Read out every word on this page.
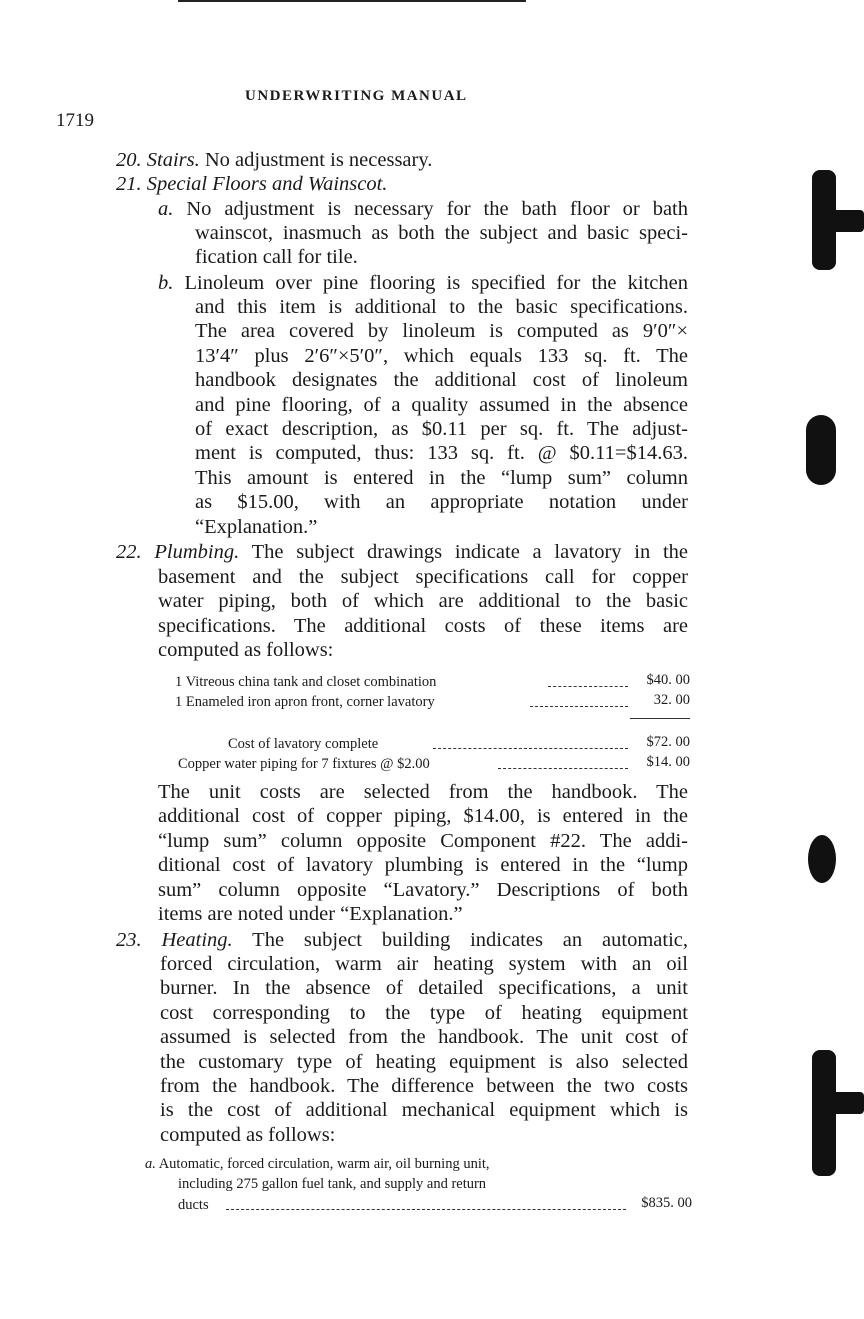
UNDERWRITING MANUAL
1719
20. Stairs. No adjustment is necessary.
21. Special Floors and Wainscot.
a. No adjustment is necessary for the bath floor or bath
wainscot, inasmuch as both the subject and basic speci-
fication call for tile.
b. Linoleum over pine flooring is specified for the kitchen
and this item is additional to the basic specifications.
The area covered by linoleum is computed as 9′0″×
13′4″ plus 2′6″×5′0″, which equals 133 sq. ft. The
handbook designates the additional cost of linoleum
and pine flooring, of a quality assumed in the absence
of exact description, as $0.11 per sq. ft. The adjust-
ment is computed, thus: 133 sq. ft. @ $0.11=$14.63.
This amount is entered in the “lump sum” column
as $15.00, with an appropriate notation under
“Explanation.”
22. Plumbing. The subject drawings indicate a lavatory in the
basement and the subject specifications call for copper
water piping, both of which are additional to the basic
specifications. The additional costs of these items are
computed as follows:
1 Vitreous china tank and closet combination	$40. 00
1 Enameled iron apron front, corner lavatory	32. 00
Cost of lavatory complete	$72. 00
Copper water piping for 7 fixtures @ $2.00	$14. 00
The unit costs are selected from the handbook. The
additional cost of copper piping, $14.00, is entered in the
“lump sum” column opposite Component #22. The addi-
ditional cost of lavatory plumbing is entered in the “lump
sum” column opposite “Lavatory.” Descriptions of both
items are noted under “Explanation.”
23. Heating. The subject building indicates an automatic,
forced circulation, warm air heating system with an oil
burner. In the absence of detailed specifications, a unit
cost corresponding to the type of heating equipment
assumed is selected from the handbook. The unit cost of
the customary type of heating equipment is also selected
from the handbook. The difference between the two costs
is the cost of additional mechanical equipment which is
computed as follows:
a. Automatic, forced circulation, warm air, oil burning unit,
including 275 gallon fuel tank, and supply and return
ducts	$835. 00
